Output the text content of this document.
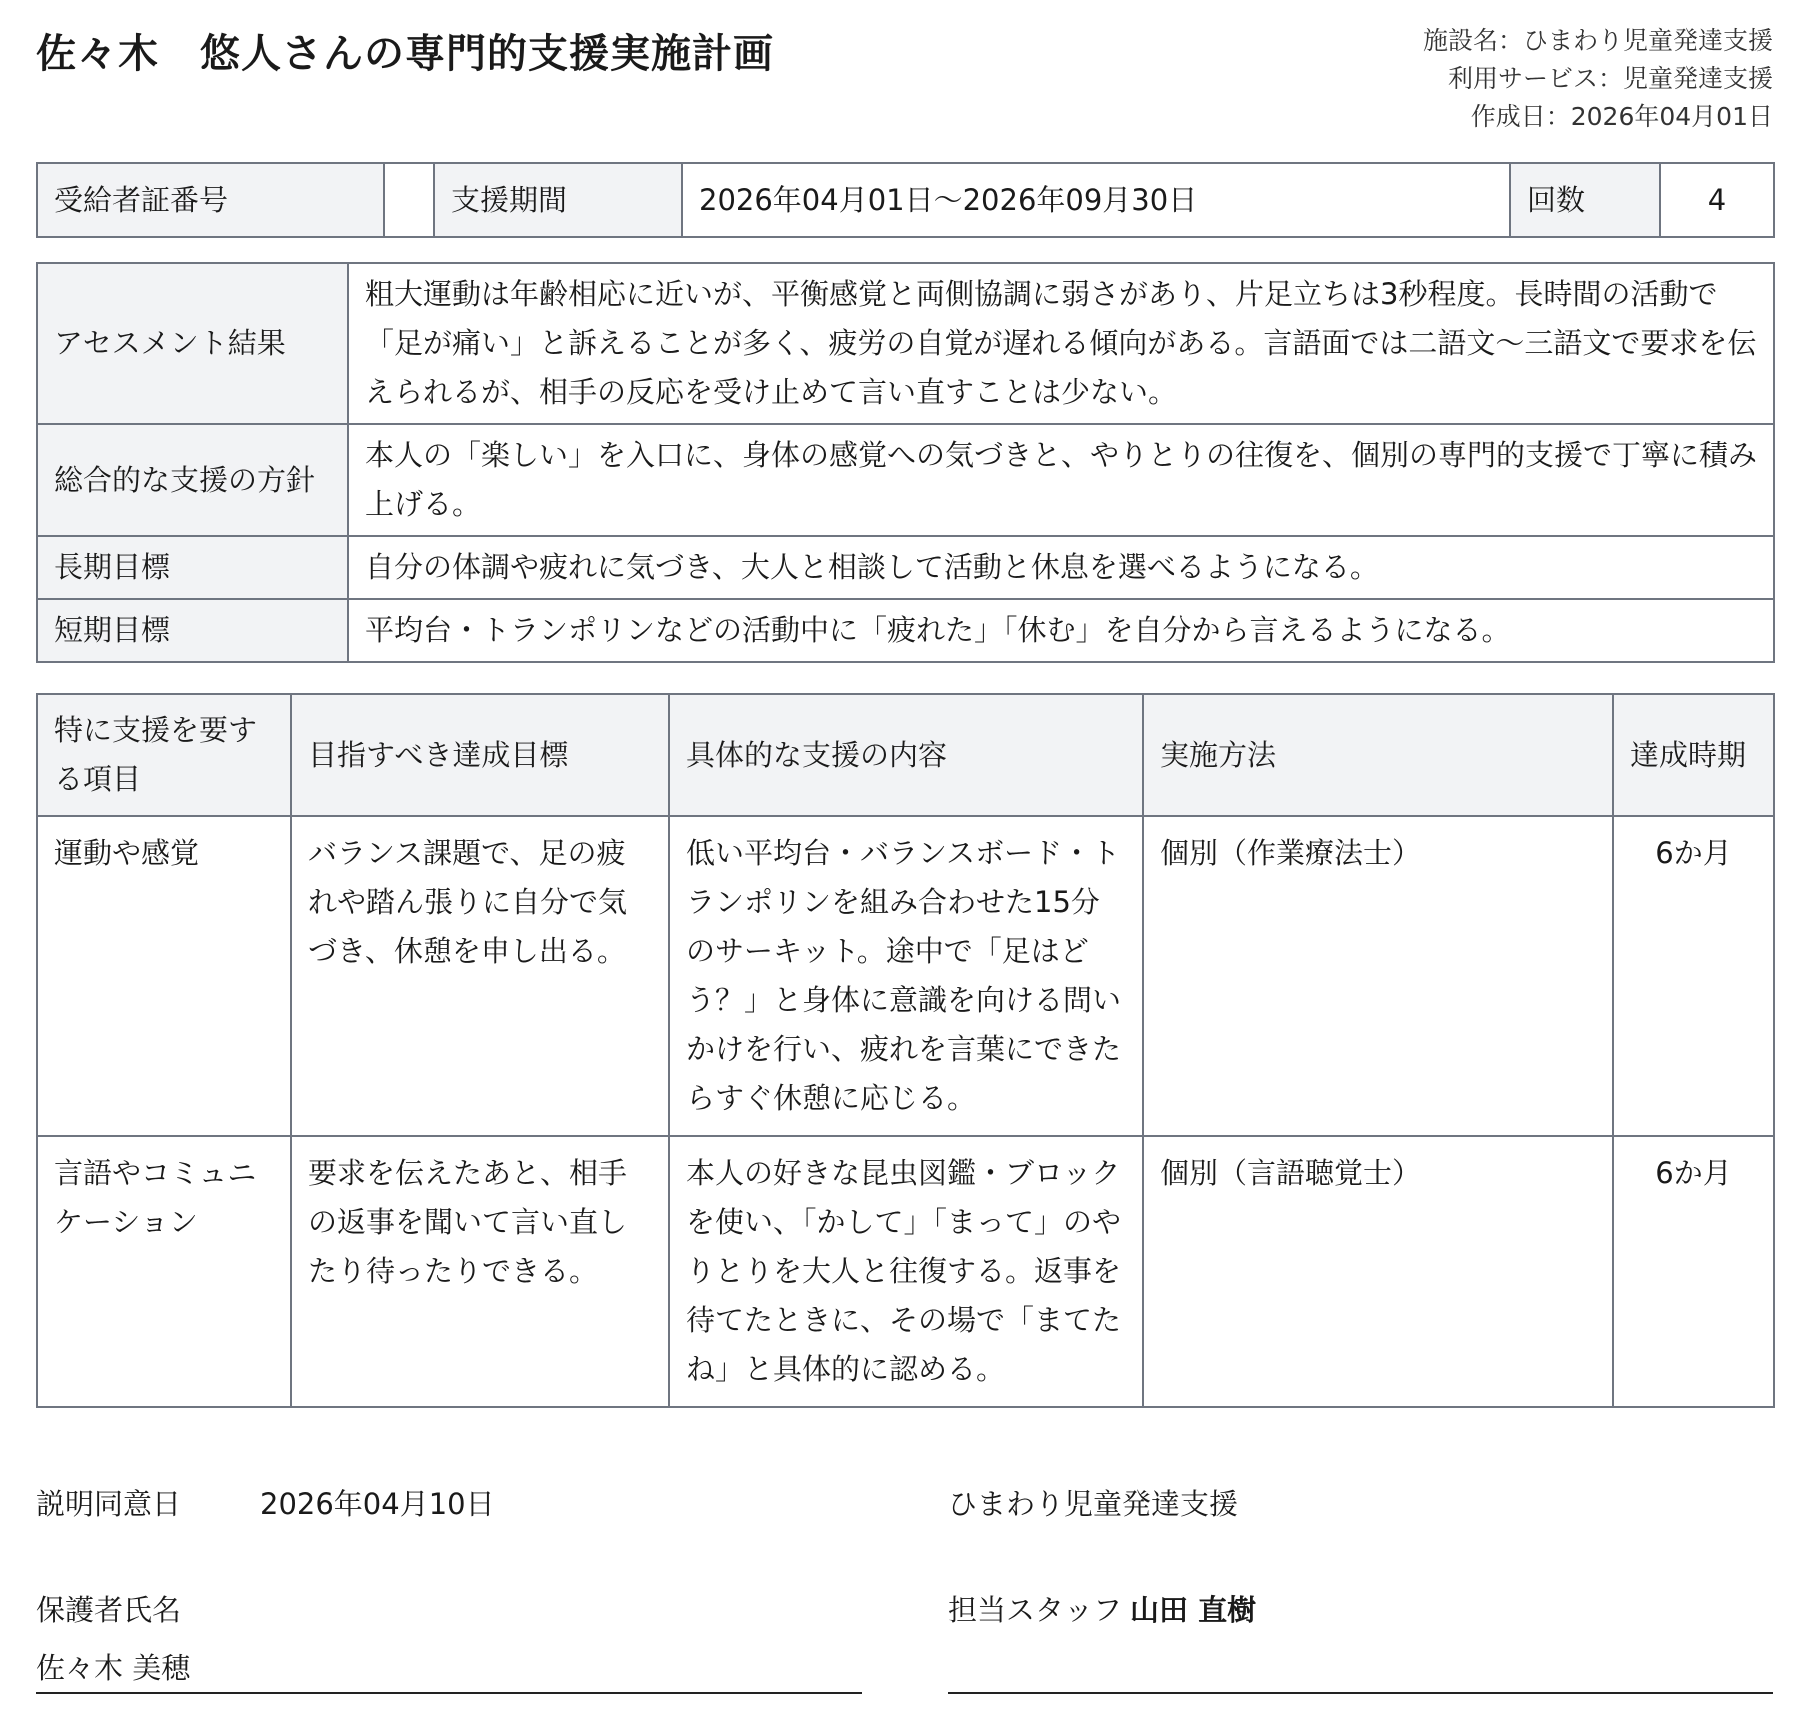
佐々木　悠人さんの専門的支援実施計画	施設名：ひまわり児童発達支援
利用サービス：児童発達支援
作成日：2026年04月01日
受給者証番号		支援期間	2026年04月01日～2026年09月30日	回数	4
アセスメント結果	粗大運動は年齢相応に近いが、平衡感覚と両側協調に弱さがあり、片足立ちは3秒程度。長時間の活動で「足が痛い」と訴えることが多く、疲労の自覚が遅れる傾向がある。言語面では二語文～三語文で要求を伝えられるが、相手の反応を受け止めて言い直すことは少ない。
総合的な支援の方針	本人の「楽しい」を入口に、身体の感覚への気づきと、やりとりの往復を、個別の専門的支援で丁寧に積み上げる。
長期目標	自分の体調や疲れに気づき、大人と相談して活動と休息を選べるようになる。
短期目標	平均台・トランポリンなどの活動中に「疲れた」「休む」を自分から言えるようになる。
特に支援を要する項目	目指すべき達成目標	具体的な支援の内容	実施方法	達成時期
運動や感覚	バランス課題で、足の疲れや踏ん張りに自分で気づき、休憩を申し出る。	低い平均台・バランスボード・トランポリンを組み合わせた15分のサーキット。途中で「足はどう？」と身体に意識を向ける問いかけを行い、疲れを言葉にできたらすぐ休憩に応じる。	個別（作業療法士）	6か月
言語やコミュニケーション	要求を伝えたあと、相手の返事を聞いて言い直したり待ったりできる。	本人の好きな昆虫図鑑・ブロックを使い、「かして」「まって」のやりとりを大人と往復する。返事を待てたときに、その場で「まてたね」と具体的に認める。	個別（言語聴覚士）	6か月
説明同意日	2026年04月10日	ひまわり児童発達支援
保護者氏名
佐々木 美穂
担当スタッフ 山田 直樹
